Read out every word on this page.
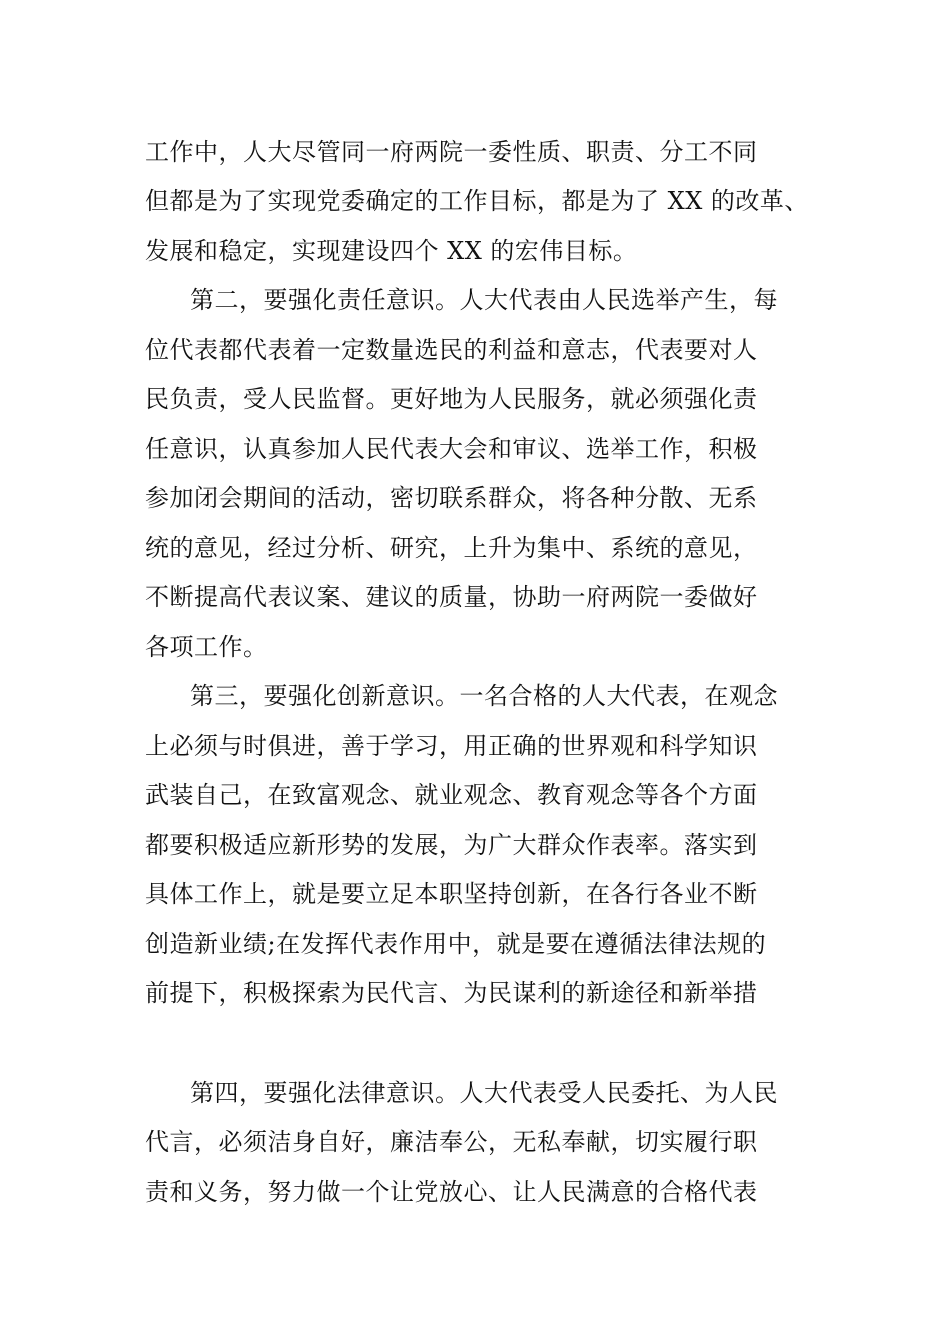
工作中，人大尽管同一府两院一委性质、职责、分工不同
但都是为了实现党委确定的工作目标，都是为了 XX 的改革、
发展和稳定，实现建设四个 XX 的宏伟目标。
第二，要强化责任意识。人大代表由人民选举产生，每
位代表都代表着一定数量选民的利益和意志，代表要对人
民负责，受人民监督。更好地为人民服务，就必须强化责
任意识，认真参加人民代表大会和审议、选举工作，积极
参加闭会期间的活动，密切联系群众，将各种分散、无系
统的意见，经过分析、研究，上升为集中、系统的意见，
不断提高代表议案、建议的质量，协助一府两院一委做好
各项工作。
第三，要强化创新意识。一名合格的人大代表，在观念
上必须与时俱进，善于学习，用正确的世界观和科学知识
武装自己，在致富观念、就业观念、教育观念等各个方面
都要积极适应新形势的发展，为广大群众作表率。落实到
具体工作上，就是要立足本职坚持创新，在各行各业不断
创造新业绩;在发挥代表作用中，就是要在遵循法律法规的
前提下，积极探索为民代言、为民谋利的新途径和新举措
第四，要强化法律意识。人大代表受人民委托、为人民
代言，必须洁身自好，廉洁奉公，无私奉献，切实履行职
责和义务，努力做一个让党放心、让人民满意的合格代表
